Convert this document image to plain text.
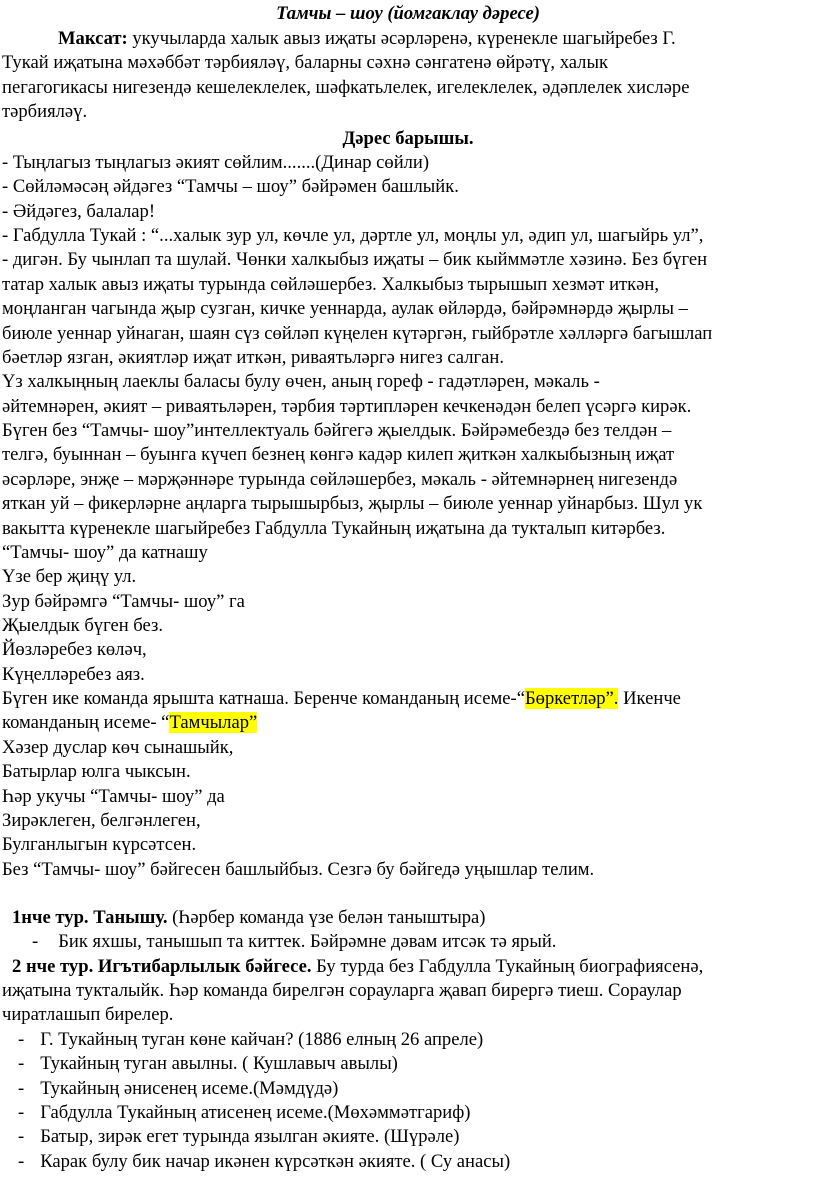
Тамчы – шоу (йомгаклау дәресе)
Максат: укучыларда халык авыз иҗаты әсәрләренә, күренекле шагыйребез Г.
Тукай иҗатына мәхәббәт тәрбияләү, баларны сәхнә сәнгатенә өйрәтү, халык
пегагогикасы нигезендә кешелеклелек, шәфкатьлелек, игелеклелек, әдәплелек хисләре
тәрбияләү.
Дәрес барышы.
- Тыңлагыз тыңлагыз әкият сөйлим.......(Динар сөйли)
- Сөйләмәсәң әйдәгез “Тамчы – шоу” бәйрәмен башлыйк.
- Әйдәгез, балалар!
- Габдулла Тукай : “...халык зур ул, көчле ул, дәртле ул, моңлы ул, әдип ул, шагыйрь ул”,
- дигән. Бу чынлап та шулай. Чөнки халкыбыз иҗаты – бик кыйммәтле хәзинә. Без бүген
татар халык авыз иҗаты турында сөйләшербез. Халкыбыз тырышып хезмәт иткән,
моңланган чагында җыр сузган, кичке уеннарда, аулак өйләрдә, бәйрәмнәрдә җырлы –
биюле уеннар уйнаган, шаян сүз сөйләп күңелен күтәргән, гыйбрәтле хәлләргә багышлап
бәетләр язган, әкиятләр иҗат иткән, риваятьләргә нигез салган.
Үз халкыңның лаеклы баласы булу өчен, аның гореф - гадәтләрен, мәкаль -
әйтемнәрен, әкият – риваятьләрен, тәрбия тәртипләрен кечкенәдән белеп үсәргә кирәк.
Бүген без “Тамчы- шоу”интеллектуаль бәйгегә җыелдык. Бәйрәмебездә без телдән –
телгә, буыннан – буынга күчеп безнең көнгә кадәр килеп җиткән халкыбызның иҗат
әсәрләре, энҗе – мәрҗәннәре турында сөйләшербез, мәкаль - әйтемнәрнең нигезендә
яткан уй – фикерләрне аңларга тырышырбыз, җырлы – биюле уеннар уйнарбыз. Шул ук
вакытта күренекле шагыйребез Габдулла Тукайның иҗатына да тукталып китәрбез.
“Тамчы- шоу” да катнашу
Үзе бер җиңү ул.
Зур бәйрәмгә “Тамчы- шоу” га
Җыелдык бүген без.
Йөзләребез көләч,
Күңелләребез аяз.
Бүген ике команда ярышта катнаша. Беренче команданың исеме-“Бөркетләр”. Икенче
команданың исеме- “Тамчылар”
Хәзер дуслар көч сынашыйк,
Батырлар юлга чыксын.
Һәр укучы “Тамчы- шоу” да
Зирәклеген, белгәнлеген,
Булганлыгын күрсәтсен.
Без “Тамчы- шоу” бәйгесен башлыйбыз. Сезгә бу бәйгедә уңышлар телим.
1нче тур. Танышу. (Һәрбер команда үзе белән таныштыра)
- Бик яхшы, танышып та киттек. Бәйрәмне дәвам итсәк тә ярый.
2 нче тур. Игътибарлылык бәйгесе. Бу турда без Габдулла Тукайның биографиясенә,
иҗатына тукталыйк. Һәр команда бирелгән сорауларга җавап бирергә тиеш. Сораулар
чиратлашып бирелер.
- Г. Тукайның туган көне кайчан? (1886 елның 26 апреле)
- Тукайның туган авылны. ( Кушлавыч авылы)
- Тукайның әнисенең исеме.(Мәмдүдә)
- Габдулла Тукайның атисенең исеме.(Мөхәммәтгариф)
- Батыр, зирәк егет турында язылган әкияте. (Шүрәле)
- Карак булу бик начар икәнен күрсәткән әкияте. ( Су анасы)
